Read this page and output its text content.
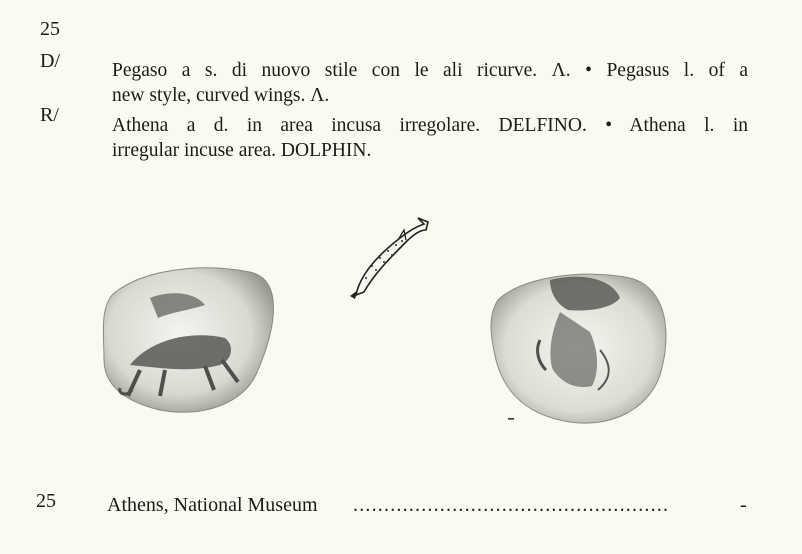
25
D/	Pegaso a s. di nuovo stile con le ali ricurve. Λ. • Pegasus l. of a
new style, curved wings. Λ.
R/	Athena a d. in area incusa irregolare. DELFINO. • Athena l. in
irregular incuse area. DOLPHIN.
25	Athens, National Museum ...................................................	-
